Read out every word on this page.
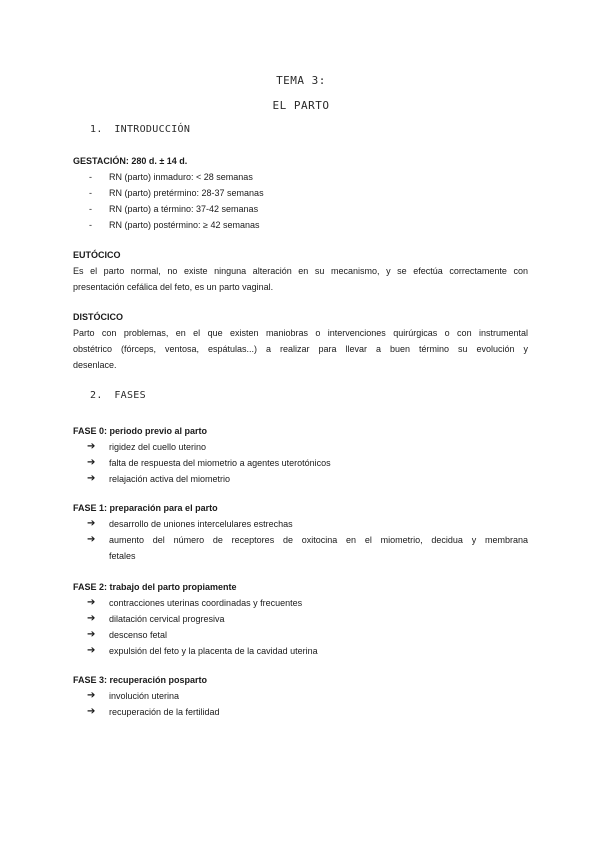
TEMA 3:
EL PARTO
1. INTRODUCCIÓN
GESTACIÓN: 280 d. ± 14 d.
- RN (parto) inmaduro: < 28 semanas
- RN (parto) pretérmino: 28-37 semanas
- RN (parto) a término: 37-42 semanas
- RN (parto) postérmino: ≥ 42 semanas
EUTÓCICO
Es el parto normal, no existe ninguna alteración en su mecanismo, y se efectúa correctamente con
presentación cefálica del feto, es un parto vaginal.
DISTÓCICO
Parto con problemas, en el que existen maniobras o intervenciones quirúrgicas o con instrumental
obstétrico (fórceps, ventosa, espátulas...) a realizar para llevar a buen término su evolución y
desenlace.
2. FASES
FASE 0: periodo previo al parto
➔ rigidez del cuello uterino
➔ falta de respuesta del miometrio a agentes uterotónicos
➔ relajación activa del miometrio
FASE 1: preparación para el parto
➔ desarrollo de uniones intercelulares estrechas
➔ aumento del número de receptores de oxitocina en el miometrio, decidua y membrana
fetales
FASE 2: trabajo del parto propiamente
➔ contracciones uterinas coordinadas y frecuentes
➔ dilatación cervical progresiva
➔ descenso fetal
➔ expulsión del feto y la placenta de la cavidad uterina
FASE 3: recuperación posparto
➔ involución uterina
➔ recuperación de la fertilidad
